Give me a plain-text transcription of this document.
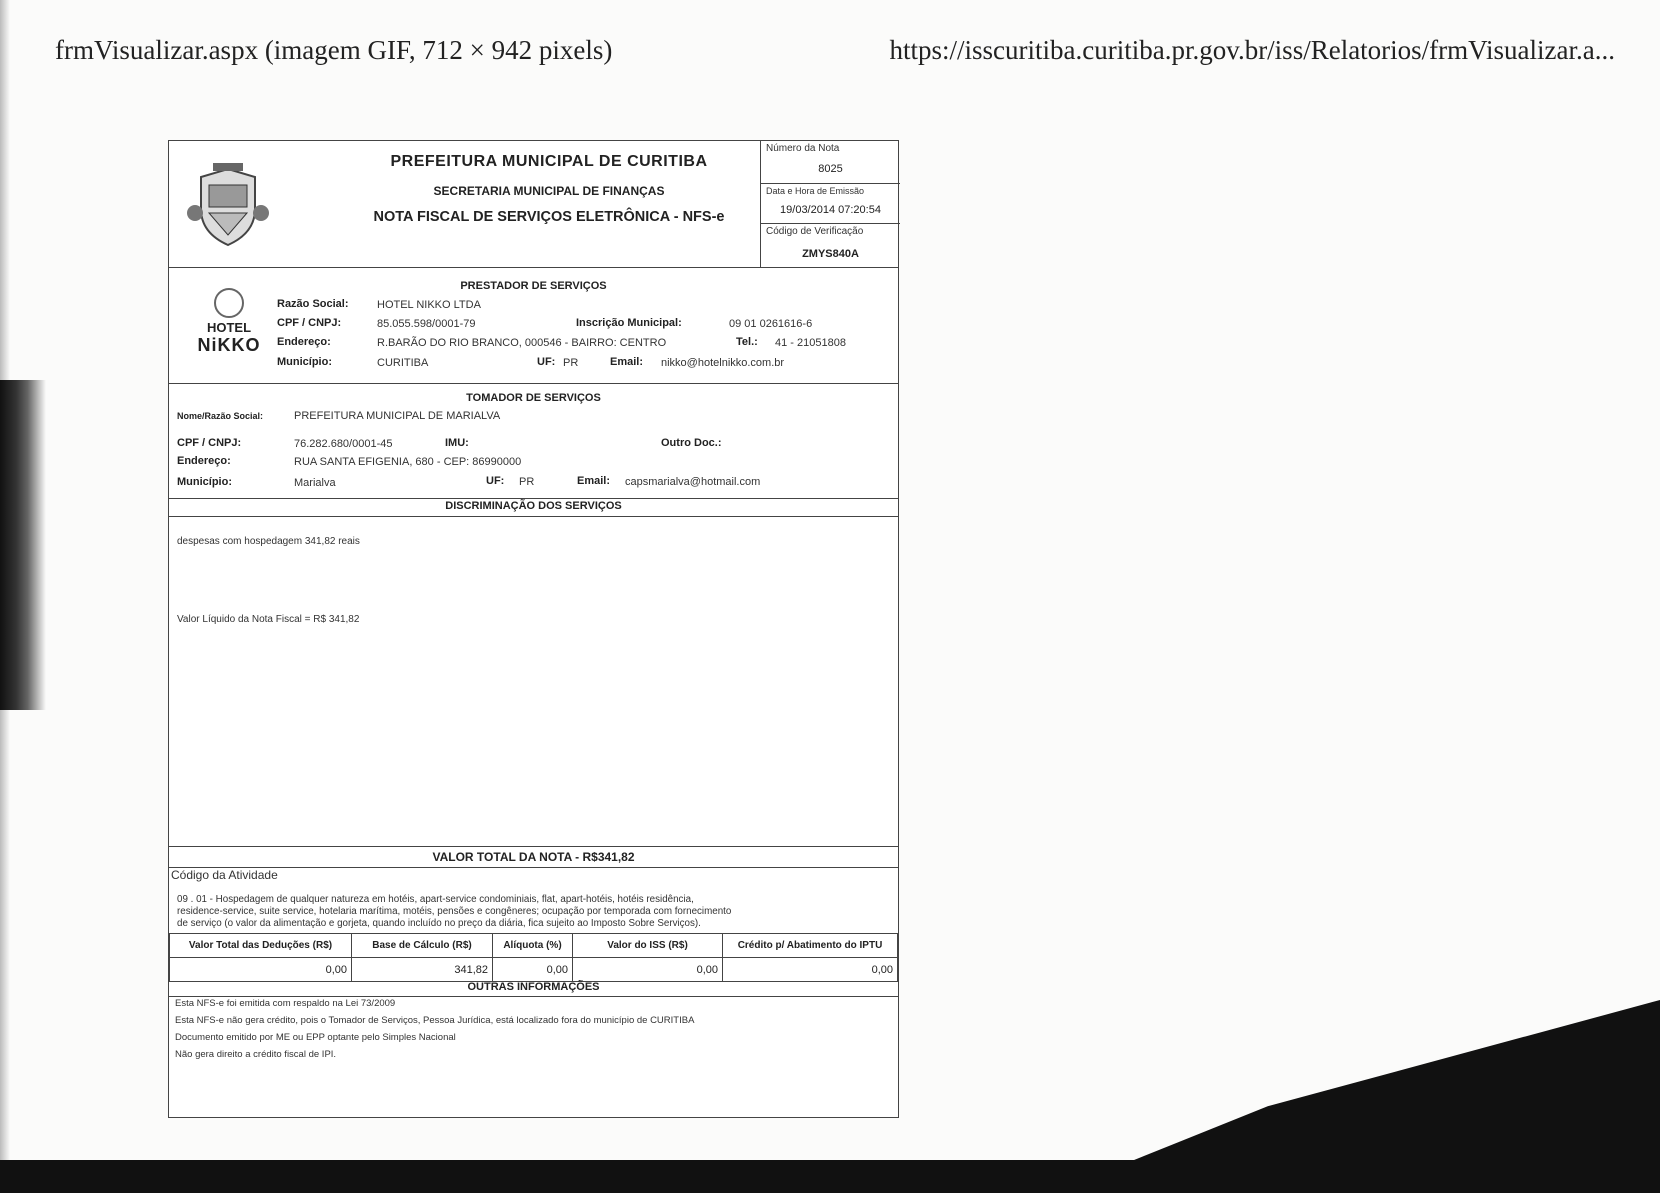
frmVisualizar.aspx (imagem GIF, 712 × 942 pixels)	https://isscuritiba.curitiba.pr.gov.br/iss/Relatorios/frmVisualizar.a...
PREFEITURA MUNICIPAL DE CURITIBA
SECRETARIA MUNICIPAL DE FINANÇAS
NOTA FISCAL DE SERVIÇOS ELETRÔNICA - NFS-e
Número da Nota
8025
Data e Hora de Emissão
19/03/2014 07:20:54
Código de Verificação
ZMYS840A
HOTEL
NiKKO
PRESTADOR DE SERVIÇOS
Razão Social:	HOTEL NIKKO LTDA
CPF / CNPJ:	85.055.598/0001-79	Inscrição Municipal:	09 01 0261616-6
Endereço:	R.BARÃO DO RIO BRANCO, 000546 - BAIRRO: CENTRO	Tel.: 41 - 21051808
Município:	CURITIBA	UF: PR	Email: nikko@hotelnikko.com.br
TOMADOR DE SERVIÇOS
Nome/Razão Social:	PREFEITURA MUNICIPAL DE MARIALVA
CPF / CNPJ:	76.282.680/0001-45	IMU:	Outro Doc.:
Endereço:	RUA SANTA EFIGENIA, 680 - CEP: 86990000
Município:	Marialva	UF: PR	Email: capsmarialva@hotmail.com
DISCRIMINAÇÃO DOS SERVIÇOS
despesas com hospedagem 341,82 reais
Valor Líquido da Nota Fiscal = R$ 341,82
VALOR TOTAL DA NOTA - R$341,82
Código da Atividade
09 . 01 - Hospedagem de qualquer natureza em hotéis, apart-service condominiais, flat, apart-hotéis, hotéis residência,
residence-service, suite service, hotelaria marítima, motéis, pensões e congêneres; ocupação por temporada com fornecimento
de serviço (o valor da alimentação e gorjeta, quando incluído no preço da diária, fica sujeito ao Imposto Sobre Serviços).
Valor Total das Deduções (R$)	Base de Cálculo (R$)	Alíquota (%)	Valor do ISS (R$)	Crédito p/ Abatimento do IPTU
0,00	341,82	0,00	0,00	0,00
OUTRAS INFORMAÇÕES
Esta NFS-e foi emitida com respaldo na Lei 73/2009
Esta NFS-e não gera crédito, pois o Tomador de Serviços, Pessoa Jurídica, está localizado fora do município de CURITIBA
Documento emitido por ME ou EPP optante pelo Simples Nacional
Não gera direito a crédito fiscal de IPI.
